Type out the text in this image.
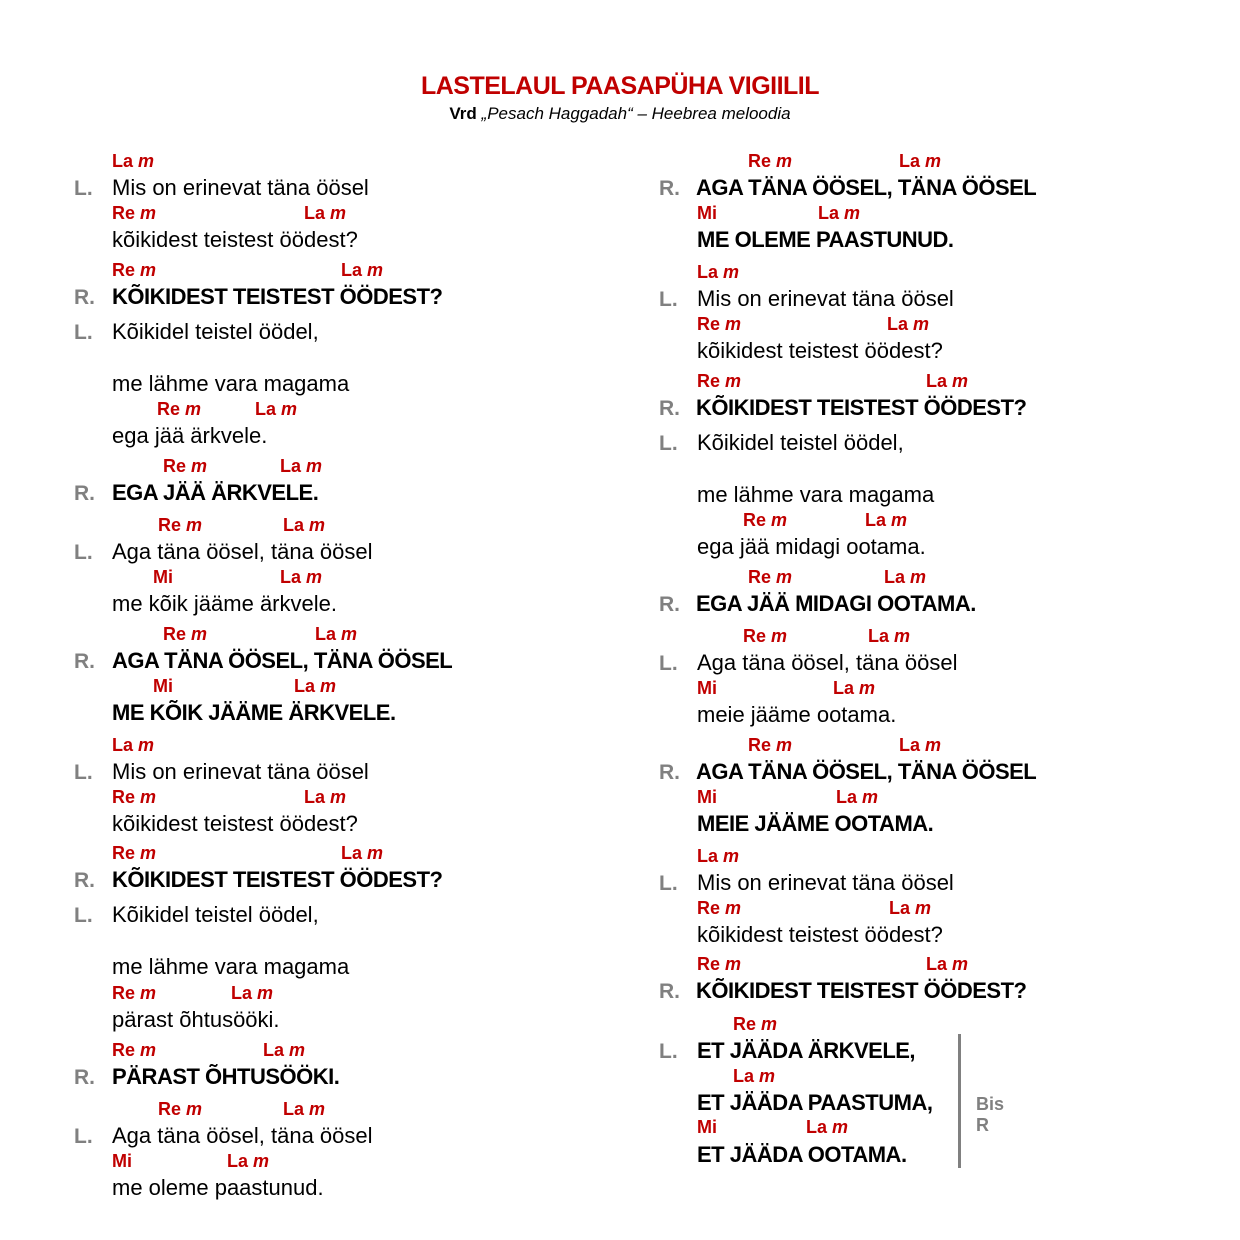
LASTELAUL PAASAPÜHA VIGIILIL
Vrd „Pesach Haggadah“ – Heebrea meloodia
La m
L. Mis on erinevat täna öösel
Re m	La m
kõikidest teistest öödest?
Re m	La m
R. KÕIKIDEST TEISTEST ÖÖDEST?
L. Kõikidel teistel öödel,
me lähme vara magama
Re m	La m
ega jää ärkvele.
Re m	La m
R. EGA JÄÄ ÄRKVELE.
Re m	La m
L. Aga täna öösel, täna öösel
Mi	La m
me kõik jääme ärkvele.
Re m	La m
R. AGA TÄNA ÖÖSEL, TÄNA ÖÖSEL
Mi	La m
ME KÕIK JÄÄME ÄRKVELE.
La m
L. Mis on erinevat täna öösel
Re m	La m
kõikidest teistest öödest?
Re m	La m
R. KÕIKIDEST TEISTEST ÖÖDEST?
L. Kõikidel teistel öödel,
me lähme vara magama
Re m	La m
pärast õhtusööki.
Re m	La m
R. PÄRAST ÕHTUSÖÖKI.
Re m	La m
L. Aga täna öösel, täna öösel
Mi	La m
me oleme paastunud.
Re m	La m
R. AGA TÄNA ÖÖSEL, TÄNA ÖÖSEL
Mi	La m
ME OLEME PAASTUNUD.
La m
L. Mis on erinevat täna öösel
Re m	La m
kõikidest teistest öödest?
Re m	La m
R. KÕIKIDEST TEISTEST ÖÖDEST?
L. Kõikidel teistel öödel,
me lähme vara magama
Re m	La m
ega jää midagi ootama.
Re m	La m
R. EGA JÄÄ MIDAGI OOTAMA.
Re m	La m
L. Aga täna öösel, täna öösel
Mi	La m
meie jääme ootama.
Re m	La m
R. AGA TÄNA ÖÖSEL, TÄNA ÖÖSEL
Mi	La m
MEIE JÄÄME OOTAMA.
La m
L. Mis on erinevat täna öösel
Re m	La m
kõikidest teistest öödest?
Re m	La m
R. KÕIKIDEST TEISTEST ÖÖDEST?
Re m
L. ET JÄÄDA ÄRKVELE,
La m
ET JÄÄDA PAASTUMA,
Mi	La m
ET JÄÄDA OOTAMA.
Bis R
